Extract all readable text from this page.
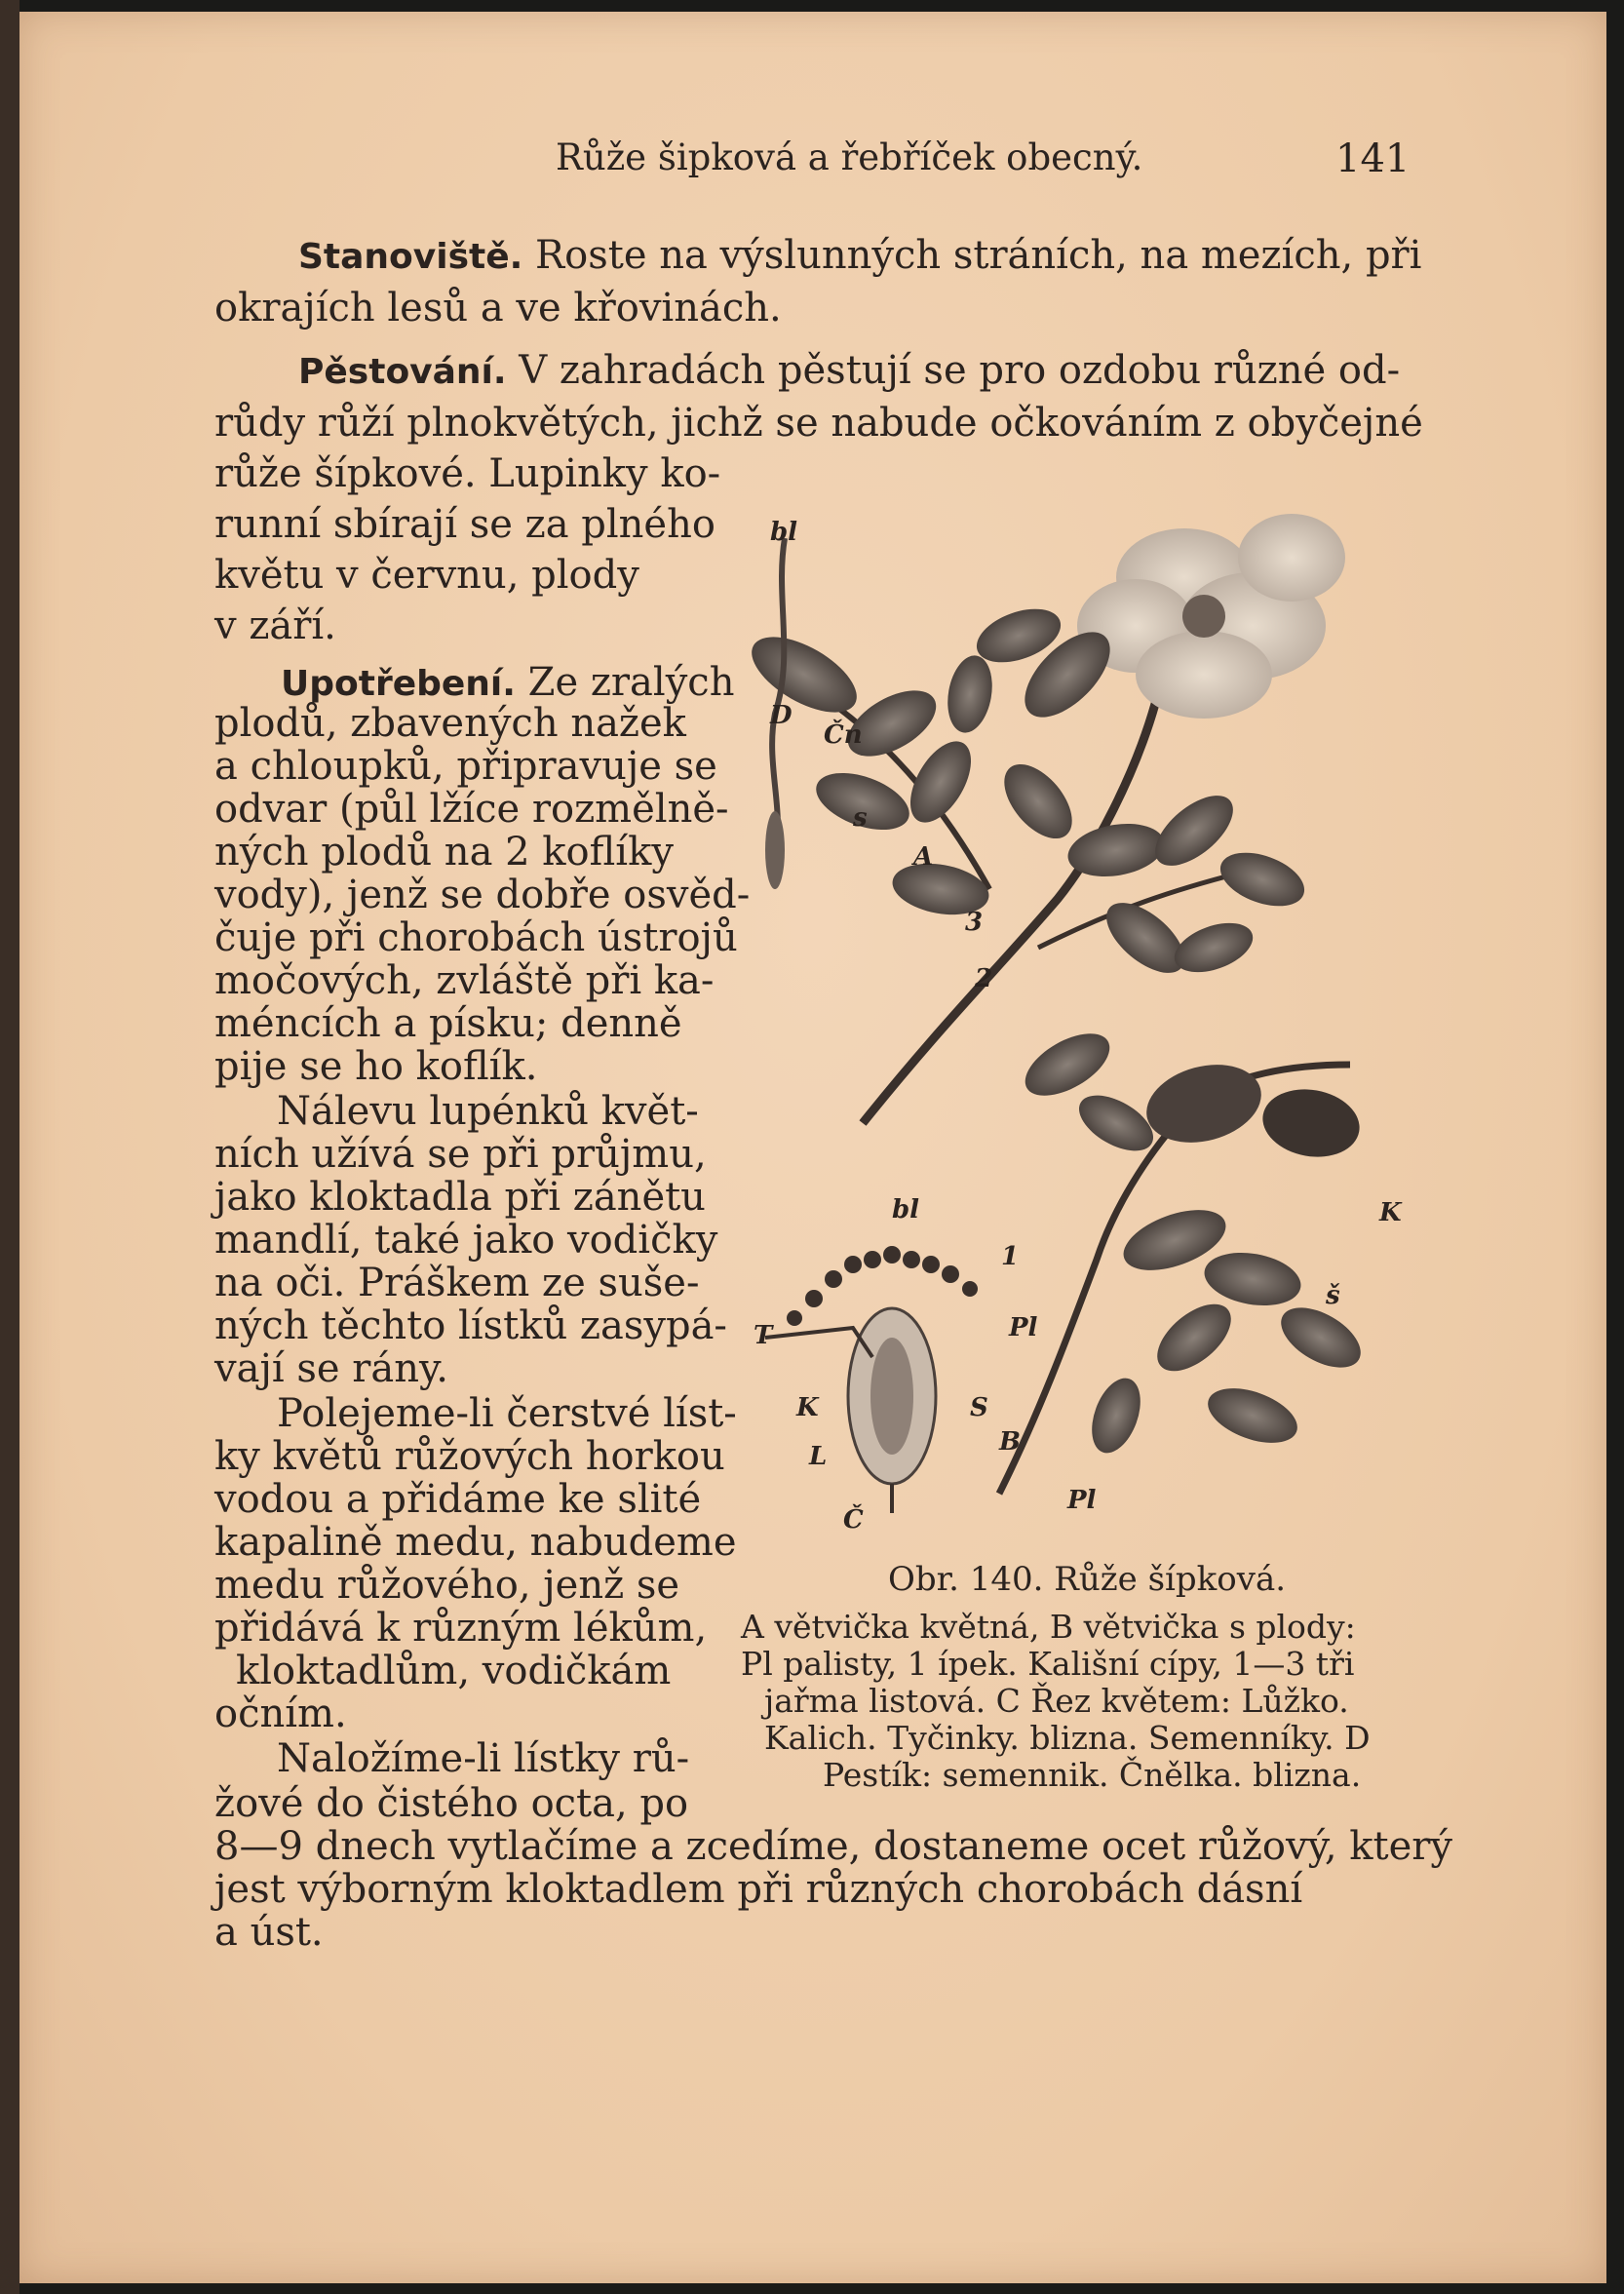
Růže šipková a řebříček obecný.	141
Stanoviště. Roste na výslunných stráních, na mezích, při
okrajích lesů a ve křovinách.
Pěstování. V zahradách pěstují se pro ozdobu různé od-
růdy růží plnokvětých, jichž se nabude očkováním z obyčejné
růže šípkové. Lupinky ko-
runní sbírají se za plného
květu v červnu, plody
v září.
Upotřebení. Ze zralých
plodů, zbavených nažek
a chloupků, připravuje se
odvar (půl lžíce rozmělně-
ných plodů na 2 koflíky
vody), jenž se dobře osvěd-
čuje při chorobách ústrojů
močových, zvláště při ka-
méncích a písku; denně
pije se ho koflík.
Nálevu lupénků květ-
ních užívá se při průjmu,
jako kloktadla při zánětu
mandlí, také jako vodičky
na oči. Práškem ze suše-
ných těchto lístků zasypá-
vají se rány.
Polejeme-li čerstvé líst-
ky květů růžových horkou
vodou a přidáme ke slité
kapalině medu, nabudeme
medu růžového, jenž se
přidává k různým lékům,
kloktadlům, vodičkám
očním.
Naložíme-li lístky rů-
žové do čistého octa, po
8—9 dnech vytlačíme a zcedíme, dostaneme ocet růžový, který
jest výborným kloktadlem při různých chorobách dásní
a úst.
bl
D
Čn
s
A
3
2
bl
1
K
š
T	Pl
K	S
L	B
Č
Pl
Obr. 140. Růže šípková.
A větvička květná, B větvička s plody:
Pl palisty, 1 ípek. Kališní cípy, 1—3 tři
jařma listová. C Řez květem: Lůžko.
Kalich. Tyčinky. blizna. Semenníky. D
Pestík: semennik. Čnělka. blizna.
